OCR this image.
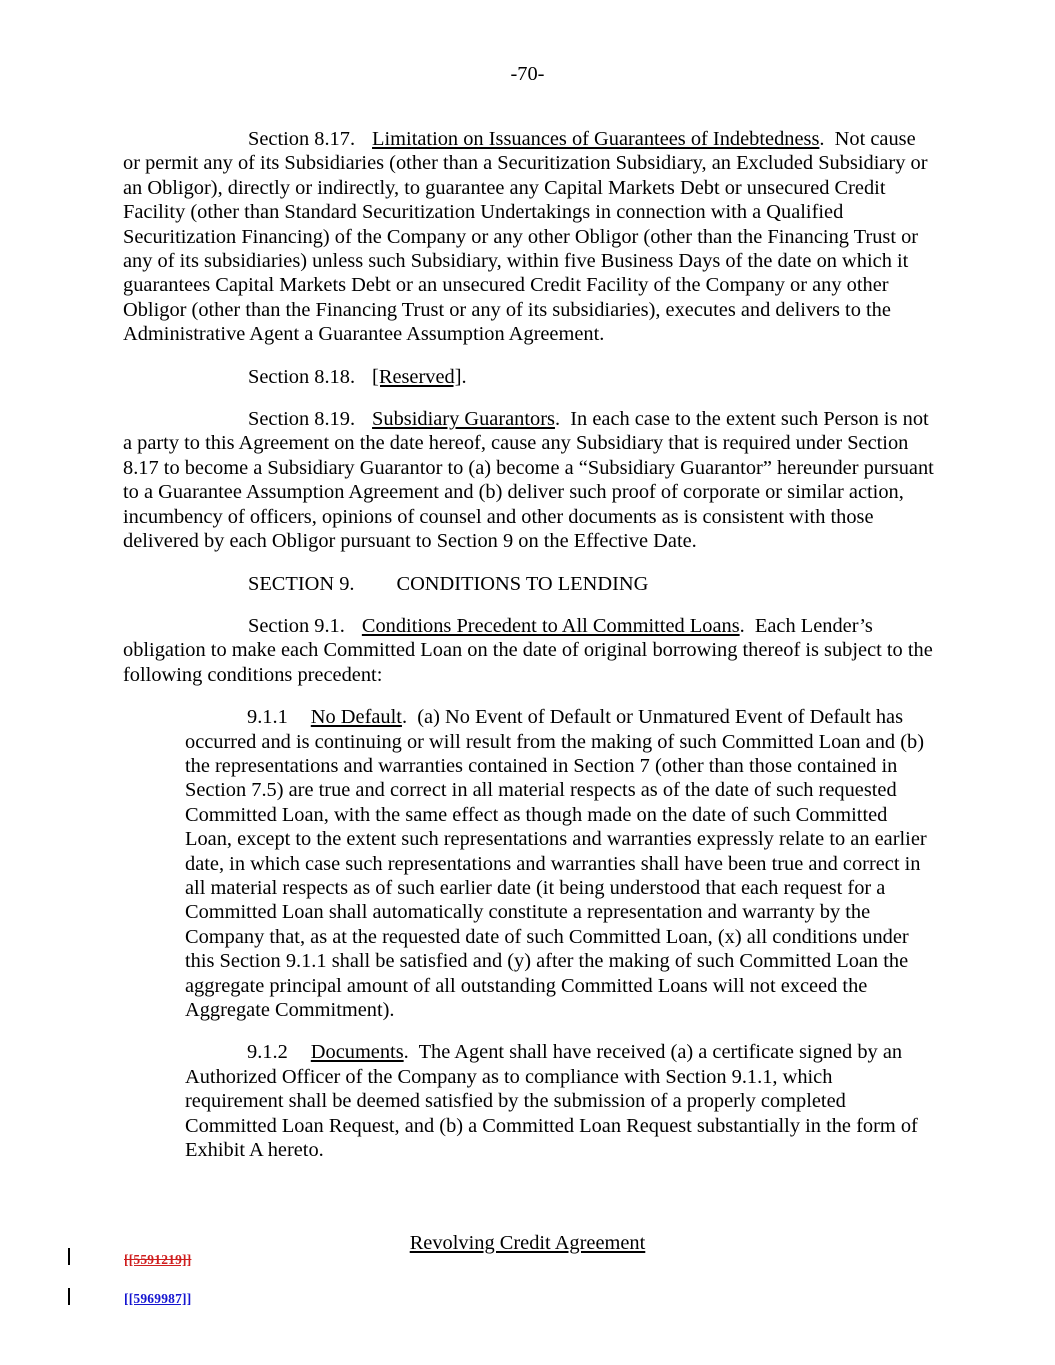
-70-

Section 8.17. Limitation on Issuances of Guarantees of Indebtedness.  Not cause or permit any of its Subsidiaries (other than a Securitization Subsidiary, an Excluded Subsidiary or an Obligor), directly or indirectly, to guarantee any Capital Markets Debt or unsecured Credit Facility (other than Standard Securitization Undertakings in connection with a Qualified Securitization Financing) of the Company or any other Obligor (other than the Financing Trust or any of its subsidiaries) unless such Subsidiary, within five Business Days of the date on which it guarantees Capital Markets Debt or an unsecured Credit Facility of the Company or any other Obligor (other than the Financing Trust or any of its subsidiaries), executes and delivers to the Administrative Agent a Guarantee Assumption Agreement.

Section 8.18. [Reserved].

Section 8.19. Subsidiary Guarantors.  In each case to the extent such Person is not a party to this Agreement on the date hereof, cause any Subsidiary that is required under Section 8.17 to become a Subsidiary Guarantor to (a) become a “Subsidiary Guarantor” hereunder pursuant to a Guarantee Assumption Agreement and (b) deliver such proof of corporate or similar action, incumbency of officers, opinions of counsel and other documents as is consistent with those delivered by each Obligor pursuant to Section 9 on the Effective Date.

SECTION 9. CONDITIONS TO LENDING

Section 9.1. Conditions Precedent to All Committed Loans.  Each Lender’s obligation to make each Committed Loan on the date of original borrowing thereof is subject to the following conditions precedent:

9.1.1 No Default.  (a) No Event of Default or Unmatured Event of Default has occurred and is continuing or will result from the making of such Committed Loan and (b) the representations and warranties contained in Section 7 (other than those contained in Section 7.5) are true and correct in all material respects as of the date of such requested Committed Loan, with the same effect as though made on the date of such Committed Loan, except to the extent such representations and warranties expressly relate to an earlier date, in which case such representations and warranties shall have been true and correct in all material respects as of such earlier date (it being understood that each request for a Committed Loan shall automatically constitute a representation and warranty by the Company that, as at the requested date of such Committed Loan, (x) all conditions under this Section 9.1.1 shall be satisfied and (y) after the making of such Committed Loan the aggregate principal amount of all outstanding Committed Loans will not exceed the Aggregate Commitment).

9.1.2 Documents.  The Agent shall have received (a) a certificate signed by an Authorized Officer of the Company as to compliance with Section 9.1.1, which requirement shall be deemed satisfied by the submission of a properly completed Committed Loan Request, and (b) a Committed Loan Request substantially in the form of Exhibit A hereto.

Revolving Credit Agreement
[[5591219]]
[[5969987]]
